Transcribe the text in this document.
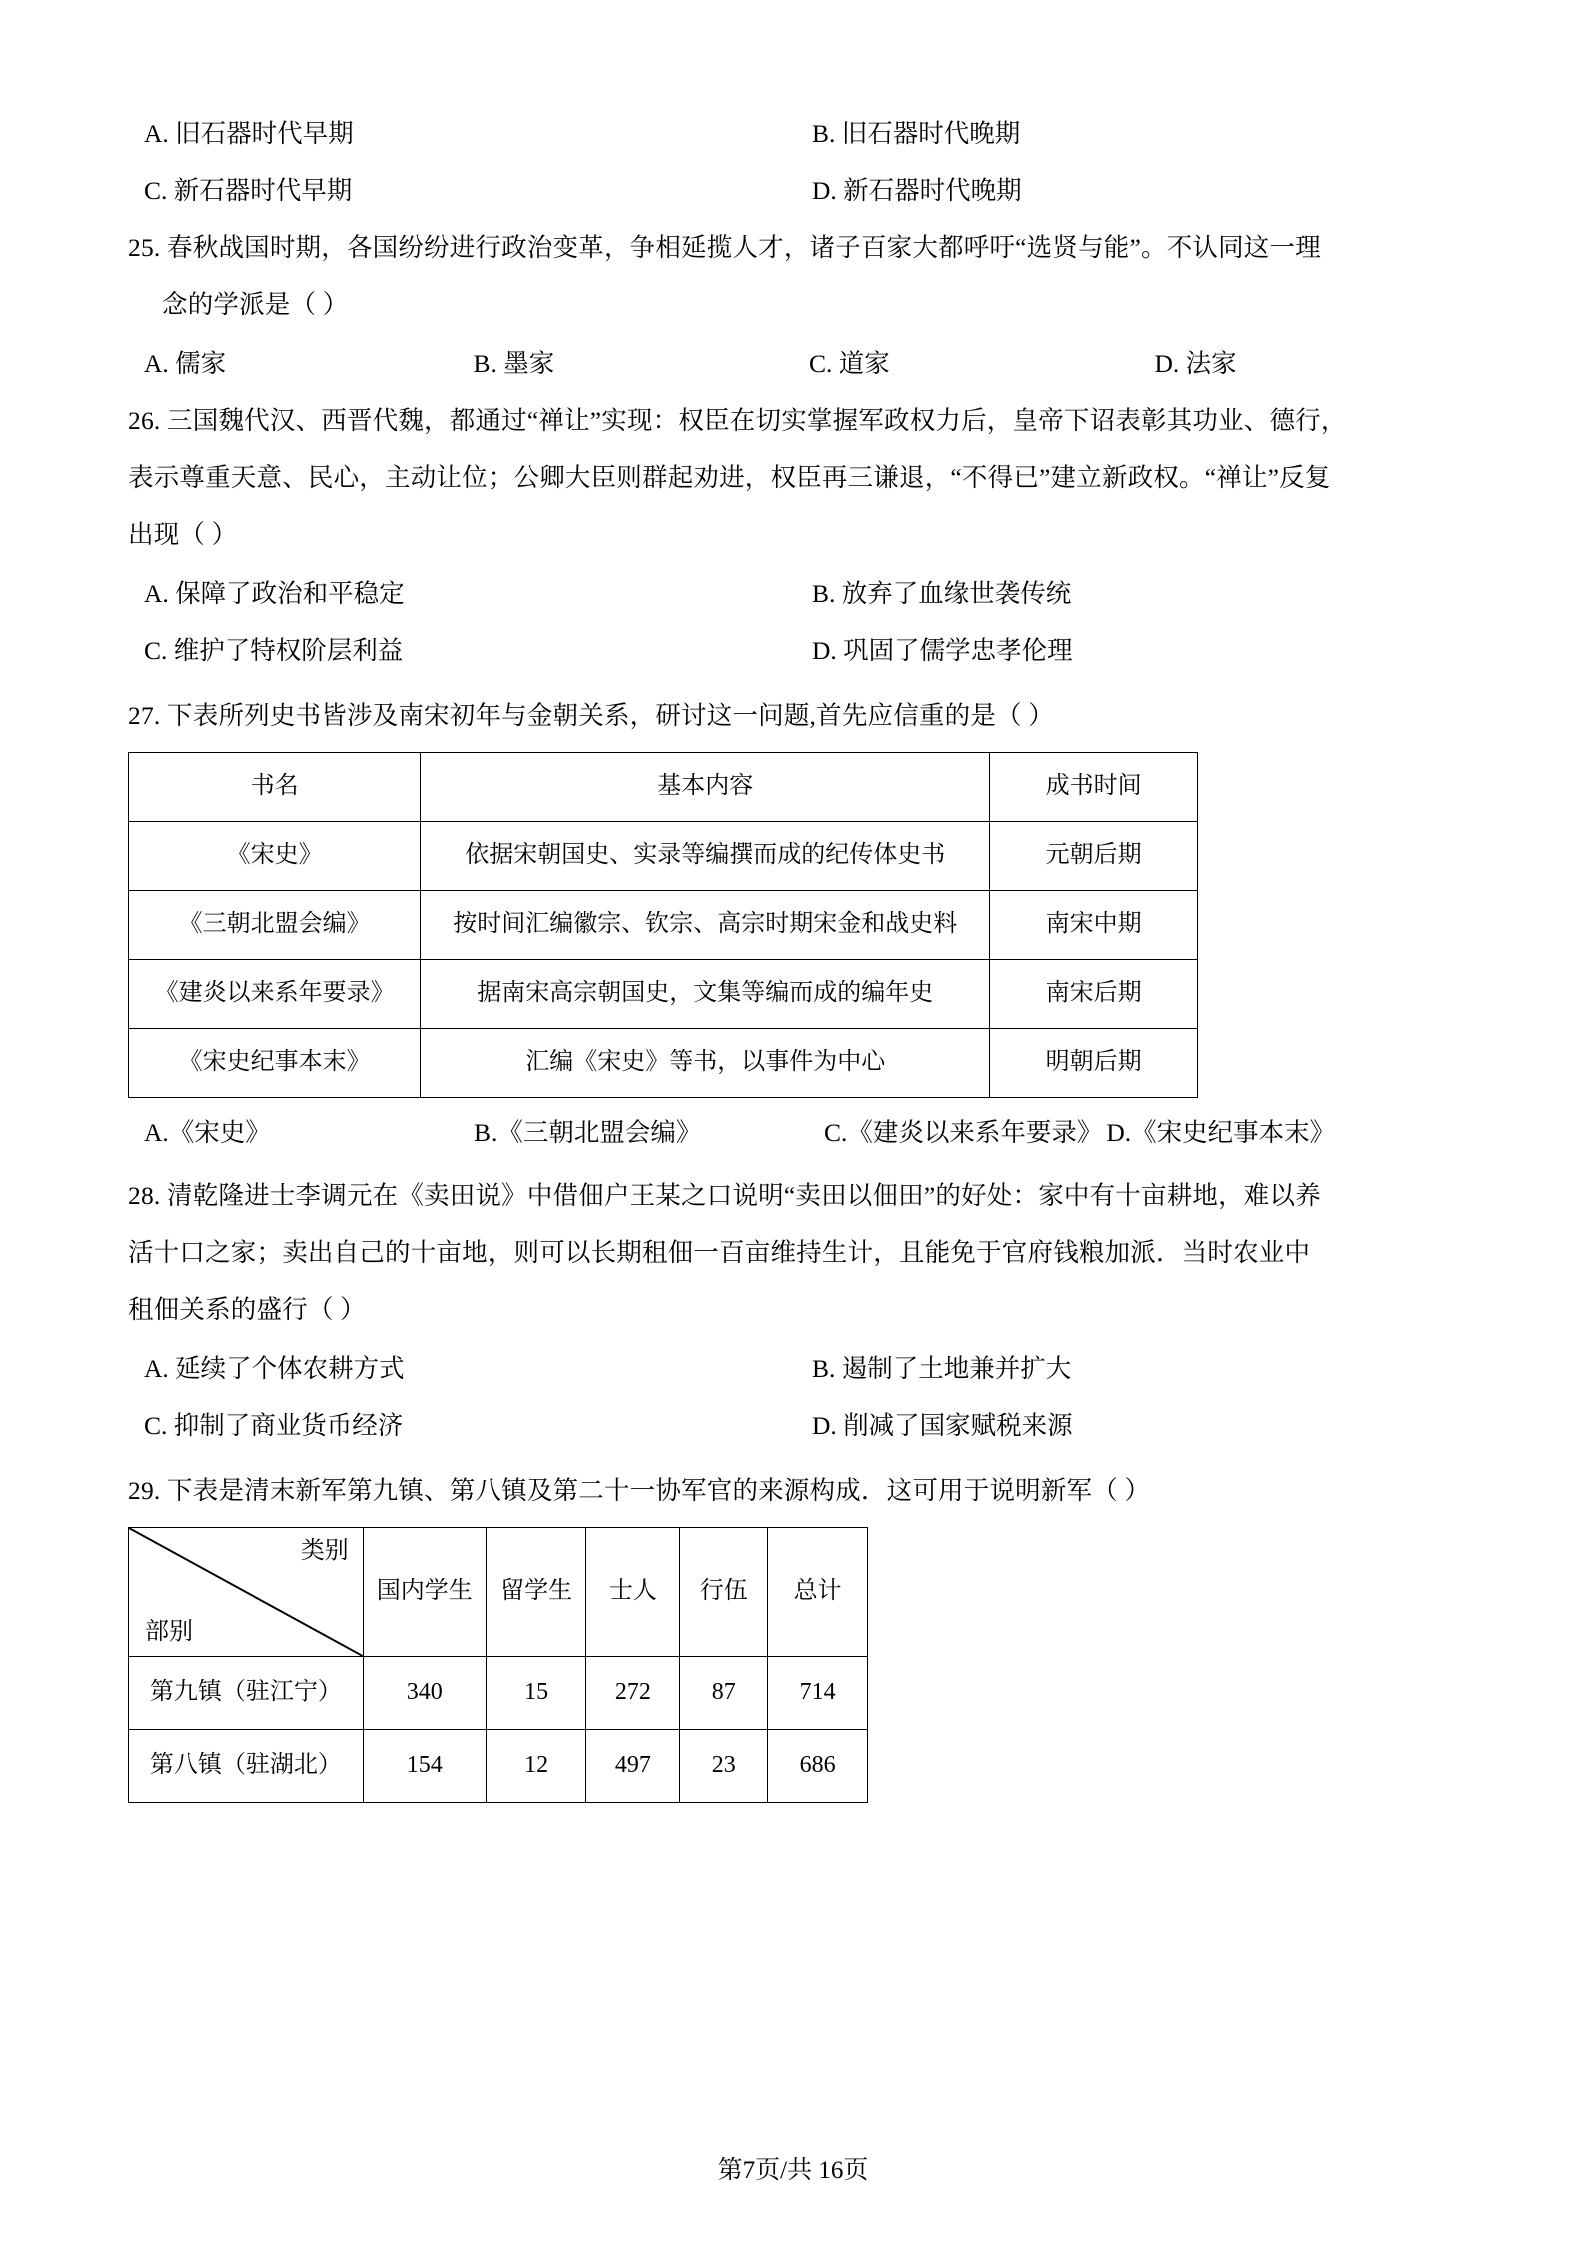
A. 旧石器时代早期	B. 旧石器时代晚期
C. 新石器时代早期	D. 新石器时代晚期
25. 春秋战国时期，各国纷纷进行政治变革，争相延揽人才，诸子百家大都呼吁“选贤与能”。不认同这一理
念的学派是（ ）
A. 儒家	B. 墨家	C. 道家	D. 法家
26. 三国魏代汉、西晋代魏，都通过“禅让”实现：权臣在切实掌握军政权力后，皇帝下诏表彰其功业、德行，
表示尊重天意、民心，主动让位；公卿大臣则群起劝进，权臣再三谦退，“不得已”建立新政权。“禅让”反复
出现（ ）
A. 保障了政治和平稳定	B. 放弃了血缘世袭传统
C. 维护了特权阶层利益	D. 巩固了儒学忠孝伦理
27. 下表所列史书皆涉及南宋初年与金朝关系，研讨这一问题,首先应信重的是（ ）
书名	基本内容	成书时间
《宋史》	依据宋朝国史、实录等编撰而成的纪传体史书	元朝后期
《三朝北盟会编》	按时间汇编徽宗、钦宗、高宗时期宋金和战史料	南宋中期
《建炎以来系年要录》	据南宋高宗朝国史，文集等编而成的编年史	南宋后期
《宋史纪事本末》	汇编《宋史》等书，以事件为中心	明朝后期
A.《宋史》	B.《三朝北盟会编》	C.《建炎以来系年要录》 D.《宋史纪事本末》
28. 清乾隆进士李调元在《卖田说》中借佃户王某之口说明“卖田以佃田”的好处：家中有十亩耕地，难以养
活十口之家；卖出自己的十亩地，则可以长期租佃一百亩维持生计，且能免于官府钱粮加派．当时农业中
租佃关系的盛行（ ）
A. 延续了个体农耕方式	B. 遏制了土地兼并扩大
C. 抑制了商业货币经济	D. 削减了国家赋税来源
29. 下表是清末新军第九镇、第八镇及第二十一协军官的来源构成．这可用于说明新军（ ）
类别
部别	国内学生	留学生	士人	行伍	总计
第九镇（驻江宁）	340	15	272	87	714
第八镇（驻湖北）	154	12	497	23	686
第7页/共 16页
